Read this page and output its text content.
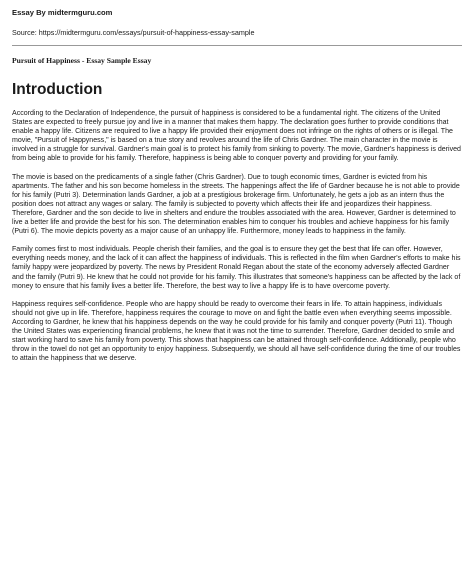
Essay By midtermguru.com

Source: https://midtermguru.com/essays/pursuit-of-happiness-essay-sample

Pursuit of Happiness - Essay Sample Essay

Introduction

According to the Declaration of Independence, the pursuit of happiness is considered to be a fundamental right. The citizens of the United States are expected to freely pursue joy and live in a manner that makes them happy. The declaration goes further to provide conditions that enable a happy life. Citizens are required to live a happy life provided their enjoyment does not infringe on the rights of others or is illegal. The movie, "Pursuit of Happyness," is based on a true story and revolves around the life of Chris Gardner. The main character in the movie is involved in a struggle for survival. Gardner's main goal is to protect his family from sinking to poverty. The movie, Gardner's happiness is derived from being able to provide for his family. Therefore, happiness is being able to conquer poverty and providing for your family.

The movie is based on the predicaments of a single father (Chris Gardner). Due to tough economic times, Gardner is evicted from his apartments. The father and his son become homeless in the streets. The happenings affect the life of Gardner because he is not able to provide for his family (Putri 3). Determination lands Gardner, a job at a prestigious brokerage firm. Unfortunately, he gets a job as an intern thus the position does not attract any wages or salary. The family is subjected to poverty which affects their life and jeopardizes their happiness. Therefore, Gardner and the son decide to live in shelters and endure the troubles associated with the area. However, Gardner is determined to live a better life and provide the best for his son. The determination enables him to conquer his troubles and achieve happiness for his family (Putri 6). The movie depicts poverty as a major cause of an unhappy life. Furthermore, money leads to happiness in the family.

Family comes first to most individuals. People cherish their families, and the goal is to ensure they get the best that life can offer. However, everything needs money, and the lack of it can affect the happiness of individuals. This is reflected in the film when Gardner's efforts to make his family happy were jeopardized by poverty. The news by President Ronald Regan about the state of the economy adversely affected Gardner and the family (Putri 9). He knew that he could not provide for his family. This illustrates that someone's happiness can be affected by the lack of money to ensure that his family lives a better life. Therefore, the best way to live a happy life is to have overcome poverty.

Happiness requires self-confidence. People who are happy should be ready to overcome their fears in life. To attain happiness, individuals should not give up in life. Therefore, happiness requires the courage to move on and fight the battle even when everything seems impossible. According to Gardner, he knew that his happiness depends on the way he could provide for his family and conquer poverty (Putri 11). Though the United States was experiencing financial problems, he knew that it was not the time to surrender. Therefore, Gardner decided to smile and start working hard to save his family from poverty. This shows that happiness can be attained through self-confidence. Additionally, people who throw in the towel do not get an opportunity to enjoy happiness. Subsequently, we should all have self-confidence during the time of our troubles to attain the happiness that we deserve.
